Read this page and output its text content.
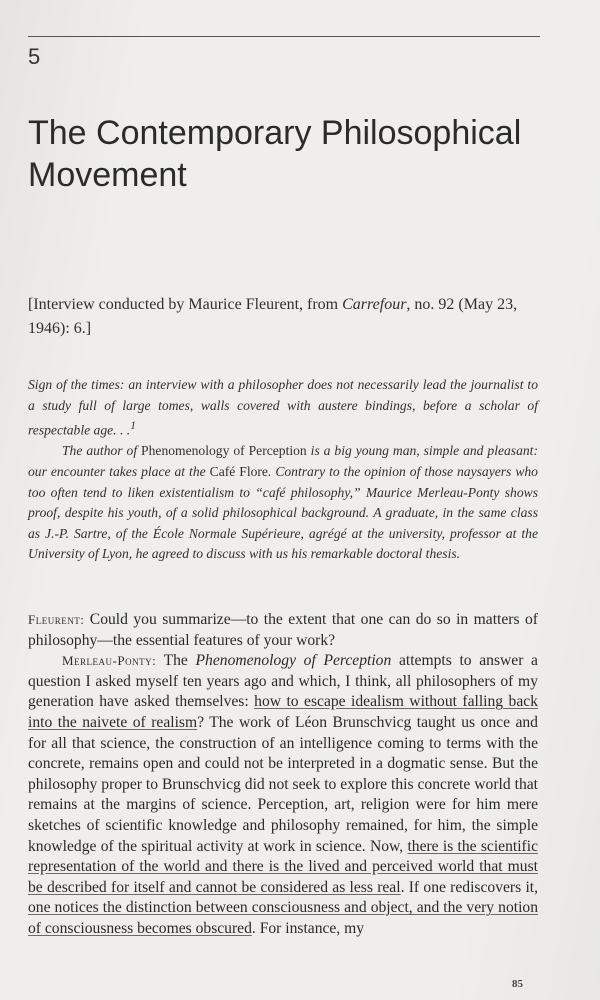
5
The Contemporary Philosophical Movement
[Interview conducted by Maurice Fleurent, from Carrefour, no. 92 (May 23, 1946): 6.]

Sign of the times: an interview with a philosopher does not necessarily lead the journalist to a study full of large tomes, walls covered with austere bindings, before a scholar of respectable age. . .$^1$

The author of Phenomenology of Perception is a big young man, simple and pleasant: our encounter takes place at the Café Flore. Contrary to the opinion of those naysayers who too often tend to liken existentialism to “café philosophy,” Maurice Merleau-Ponty shows proof, despite his youth, of a solid philosophical background. A graduate, in the same class as J.-P. Sartre, of the École Normale Supérieure, agrégé at the university, professor at the University of Lyon, he agreed to discuss with us his remarkable doctoral thesis.

Fleurent: Could you summarize—to the extent that one can do so in matters of philosophy—the essential features of your work?

Merleau-Ponty: The Phenomenology of Perception attempts to answer a question I asked myself ten years ago and which, I think, all philosophers of my generation have asked themselves: how to escape idealism without falling back into the naivete of realism? The work of Léon Brunschvicg taught us once and for all that science, the construction of an intelligence coming to terms with the concrete, remains open and could not be interpreted in a dogmatic sense. But the philosophy proper to Brunschvicg did not seek to explore this concrete world that remains at the margins of science. Perception, art, religion were for him mere sketches of scientific knowledge and philosophy remained, for him, the simple knowledge of the spiritual activity at work in science. Now, there is the scientific representation of the world and there is the lived and perceived world that must be described for itself and cannot be considered as less real. If one rediscovers it, one notices the distinction between consciousness and object, and the very notion of consciousness becomes obscured. For instance, my

85
